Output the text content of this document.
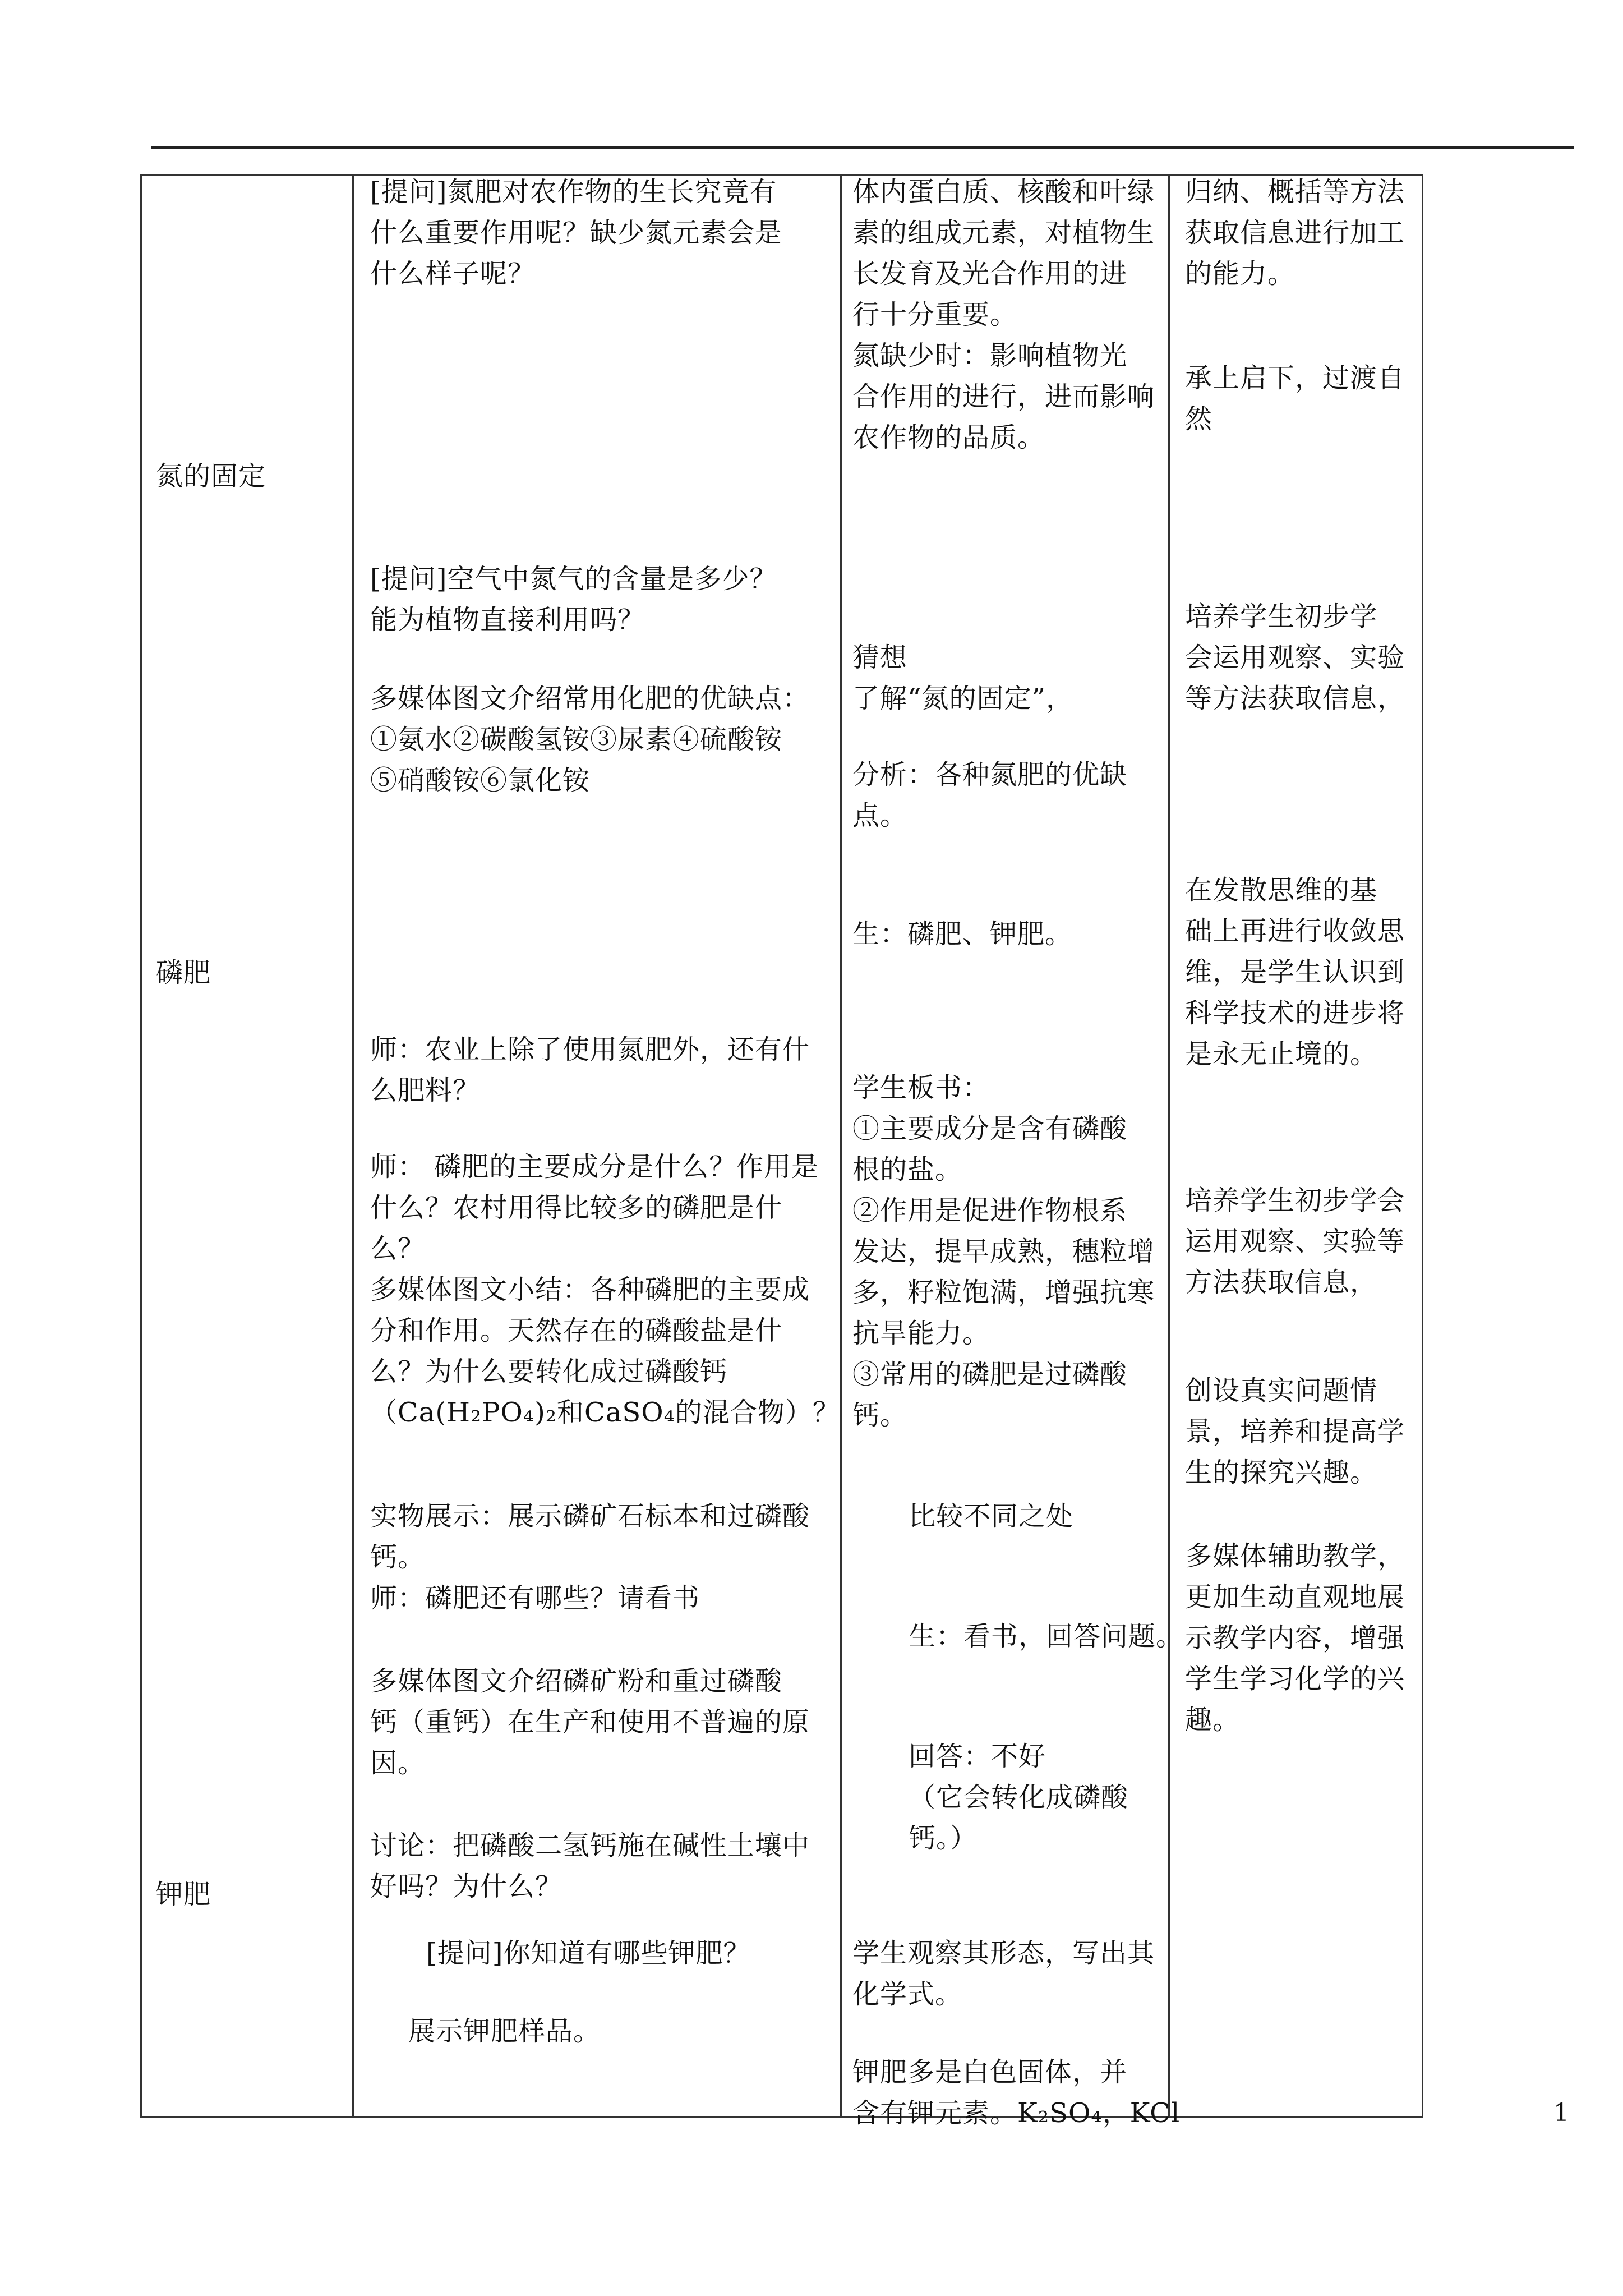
氮的固定
磷肥
钾肥
[提问]氮肥对农作物的生长究竟有
什么重要作用呢？缺少氮元素会是
什么样子呢？
[提问]空气中氮气的含量是多少？
能为植物直接利用吗？
多媒体图文介绍常用化肥的优缺点：
①氨水②碳酸氢铵③尿素④硫酸铵
⑤硝酸铵⑥氯化铵
师：农业上除了使用氮肥外，还有什
么肥料？
师： 磷肥的主要成分是什么？作用是
什么？农村用得比较多的磷肥是什
么？
多媒体图文小结：各种磷肥的主要成
分和作用。天然存在的磷酸盐是什
么？为什么要转化成过磷酸钙
（Ca(H₂PO₄)₂和CaSO₄的混合物）？
实物展示：展示磷矿石标本和过磷酸
钙。
师：磷肥还有哪些？请看书
多媒体图文介绍磷矿粉和重过磷酸
钙（重钙）在生产和使用不普遍的原
因。
讨论：把磷酸二氢钙施在碱性土壤中
好吗？为什么？
[提问]你知道有哪些钾肥？
展示钾肥样品。
体内蛋白质、核酸和叶绿
素的组成元素，对植物生
长发育及光合作用的进
行十分重要。
氮缺少时：影响植物光
合作用的进行，进而影响
农作物的品质。
猜想
了解“氮的固定”，
分析：各种氮肥的优缺
点。
生：磷肥、钾肥。
学生板书：
①主要成分是含有磷酸
根的盐。
②作用是促进作物根系
发达，提早成熟，穗粒增
多，籽粒饱满，增强抗寒
抗旱能力。
③常用的磷肥是过磷酸
钙。
比较不同之处
生：看书，回答问题。
回答：不好
（它会转化成磷酸
钙。）
学生观察其形态，写出其
化学式。
钾肥多是白色固体，并
含有钾元素。K₂SO₄，KCl
归纳、概括等方法
获取信息进行加工
的能力。
承上启下，过渡自
然
培养学生初步学
会运用观察、实验
等方法获取信息，
在发散思维的基
础上再进行收敛思
维，是学生认识到
科学技术的进步将
是永无止境的。
培养学生初步学会
运用观察、实验等
方法获取信息，
创设真实问题情
景，培养和提高学
生的探究兴趣。
多媒体辅助教学，
更加生动直观地展
示教学内容，增强
学生学习化学的兴
趣。
1
